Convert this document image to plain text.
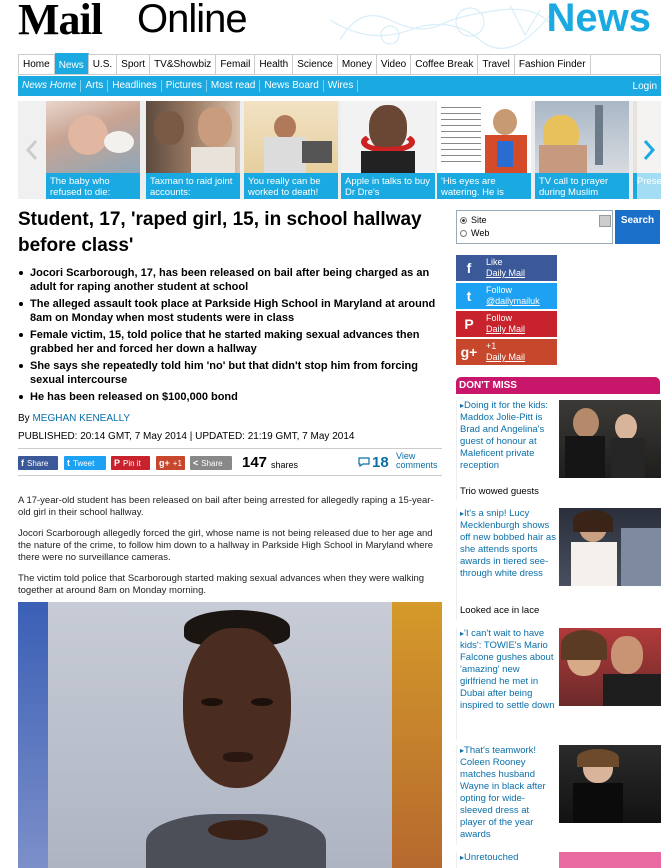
Mail Online	News
Home News U.S. Sport TV&Showbiz Femail Health Science Money Video Coffee Break Travel Fashion Finder
News Home Arts Headlines Pictures Most read News Board Wires	Login
The baby who refused to die:
Taxman to raid joint accounts:
You really can be worked to death!
Apple in talks to buy Dr Dre's
'His eyes are watering. He is
TV call to prayer during Muslim
Student, 17, 'raped girl, 15, in school hallway before class'
Jocori Scarborough, 17, has been released on bail after being charged as an adult for raping another student at school
The alleged assault took place at Parkside High School in Maryland at around 8am on Monday when most students were in class
Female victim, 15, told police that he started making sexual advances then grabbed her and forced her down a hallway
She says she repeatedly told him 'no' but that didn't stop him from forcing sexual intercourse
He has been released on $100,000 bond
By MEGHAN KENEALLY
PUBLISHED: 20:14 GMT, 7 May 2014 | UPDATED: 21:19 GMT, 7 May 2014
f Share	t Tweet	P Pin it	g+ +1	< Share	147 shares	18 View comments

A 17-year-old student has been released on bail after being arrested for allegedly raping a 15-year-old girl in their school hallway.

Jocori Scarborough allegedly forced the girl, whose name is not being released due to her age and the nature of the crime, to follow him down to a hallway in Parkside High School in Maryland where there were no surveillance cameras.

The victim told police that Scarborough started making sexual advances when they were walking together at around 8am on Monday morning.

Site
Web
Search
f	Like
Daily Mail
t	Follow
@dailymailuk
P	Follow
Daily Mail
g+ +1
Daily Mail
DON'T MISS
▸Doing it for the kids: Maddox Jolie-Pitt is Brad and Angelina's guest of honour at Maleficent private reception
Trio wowed guests
▸It's a snip! Lucy Mecklenburgh shows off new bobbed hair as she attends sports awards in tiered see-through white dress
Looked ace in lace
▸'I can't wait to have kids': TOWIE's Mario Falcone gushes about 'amazing' new girlfriend he met in Dubai after being inspired to settle down
▸That's teamwork! Coleen Rooney matches husband Wayne in black after opting for wide-sleeved dress at player of the year awards
▸Unretouched
